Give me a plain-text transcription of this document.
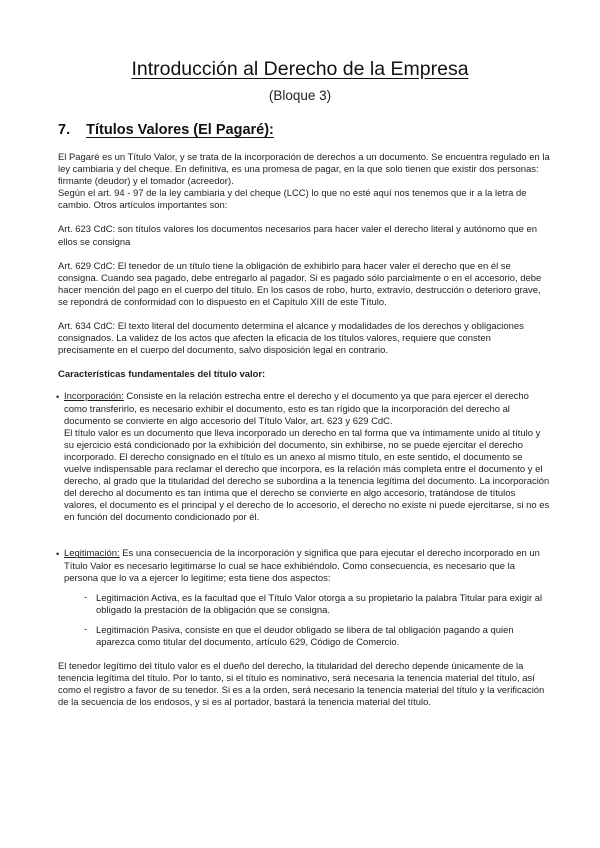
Introducción al Derecho de la Empresa
(Bloque 3)
7. Títulos Valores (El Pagaré):

El Pagaré es un Título Valor, y se trata de la incorporación de derechos a un documento. Se encuentra regulado en la ley cambiaria y del cheque. En definitiva, es una promesa de pagar, en la que solo tienen que existir dos personas: firmante (deudor) y el tomador (acreedor).
Según el art. 94 - 97 de la ley cambiaria y del cheque (LCC) lo que no esté aquí nos tenemos que ir a la letra de cambio. Otros artículos importantes son:

Art. 623 CdC: son títulos valores los documentos necesarios para hacer valer el derecho literal y autónomo que en ellos se consigna

Art. 629 CdC: El tenedor de un título tiene la obligación de exhibirlo para hacer valer el derecho que en él se consigna. Cuando sea pagado, debe entregarlo al pagador. Si es pagado sólo parcialmente o en el accesorio, debe hacer mención del pago en el cuerpo del título. En los casos de robo, hurto, extravío, destrucción o deterioro grave, se repondrá de conformidad con lo dispuesto en el Capítulo XIII de este Título.

Art. 634 CdC: El texto literal del documento determina el alcance y modalidades de los derechos y obligaciones consignados. La validez de los actos que afecten la eficacia de los títulos valores, requiere que consten precisamente en el cuerpo del documento, salvo disposición legal en contrario.

Características fundamentales del título valor:

• Incorporación: Consiste en la relación estrecha entre el derecho y el documento ya que para ejercer el derecho como transferirlo, es necesario exhibir el documento, esto es tan rígido que la incorporación del derecho al documento se convierte en algo accesorio del Título Valor, art. 623 y 629 CdC.
El título valor es un documento que lleva incorporado un derecho en tal forma que va íntimamente unido al título y su ejercicio está condicionado por la exhibición del documento, sin exhibirse, no se puede ejercitar el derecho incorporado. El derecho consignado en el título es un anexo al mismo título, en este sentido, el documento se vuelve indispensable para reclamar el derecho que incorpora, es la relación más completa entre el documento y el derecho, al grado que la titularidad del derecho se subordina a la tenencia legítima del documento. La incorporación del derecho al documento es tan íntima que el derecho se convierte en algo accesorio, tratándose de títulos valores, el documento es el principal y el derecho de lo accesorio, el derecho no existe ni puede ejercitarse, si no es en función del documento condicionado por él.

• Legitimación: Es una consecuencia de la incorporación y significa que para ejecutar el derecho incorporado en un Título Valor es necesario legitimarse lo cual se hace exhibiéndolo. Como consecuencia, es necesario que la persona que lo va a ejercer lo legitime; esta tiene dos aspectos:

- Legitimación Activa, es la facultad que el Título Valor otorga a su propietario la palabra Titular para exigir al obligado la prestación de la obligación que se consigna.
- Legitimación Pasiva, consiste en que el deudor obligado se libera de tal obligación pagando a quien aparezca como titular del documento, artículo 629, Código de Comercio.

El tenedor legítimo del título valor es el dueño del derecho, la titularidad del derecho depende únicamente de la tenencia legítima del título. Por lo tanto, si el título es nominativo, será necesaria la tenencia material del título, así como el registro a favor de su tenedor. Si es a la orden, será necesario la tenencia material del título y la verificación de la secuencia de los endosos, y si es al portador, bastará la tenencia material del título.
